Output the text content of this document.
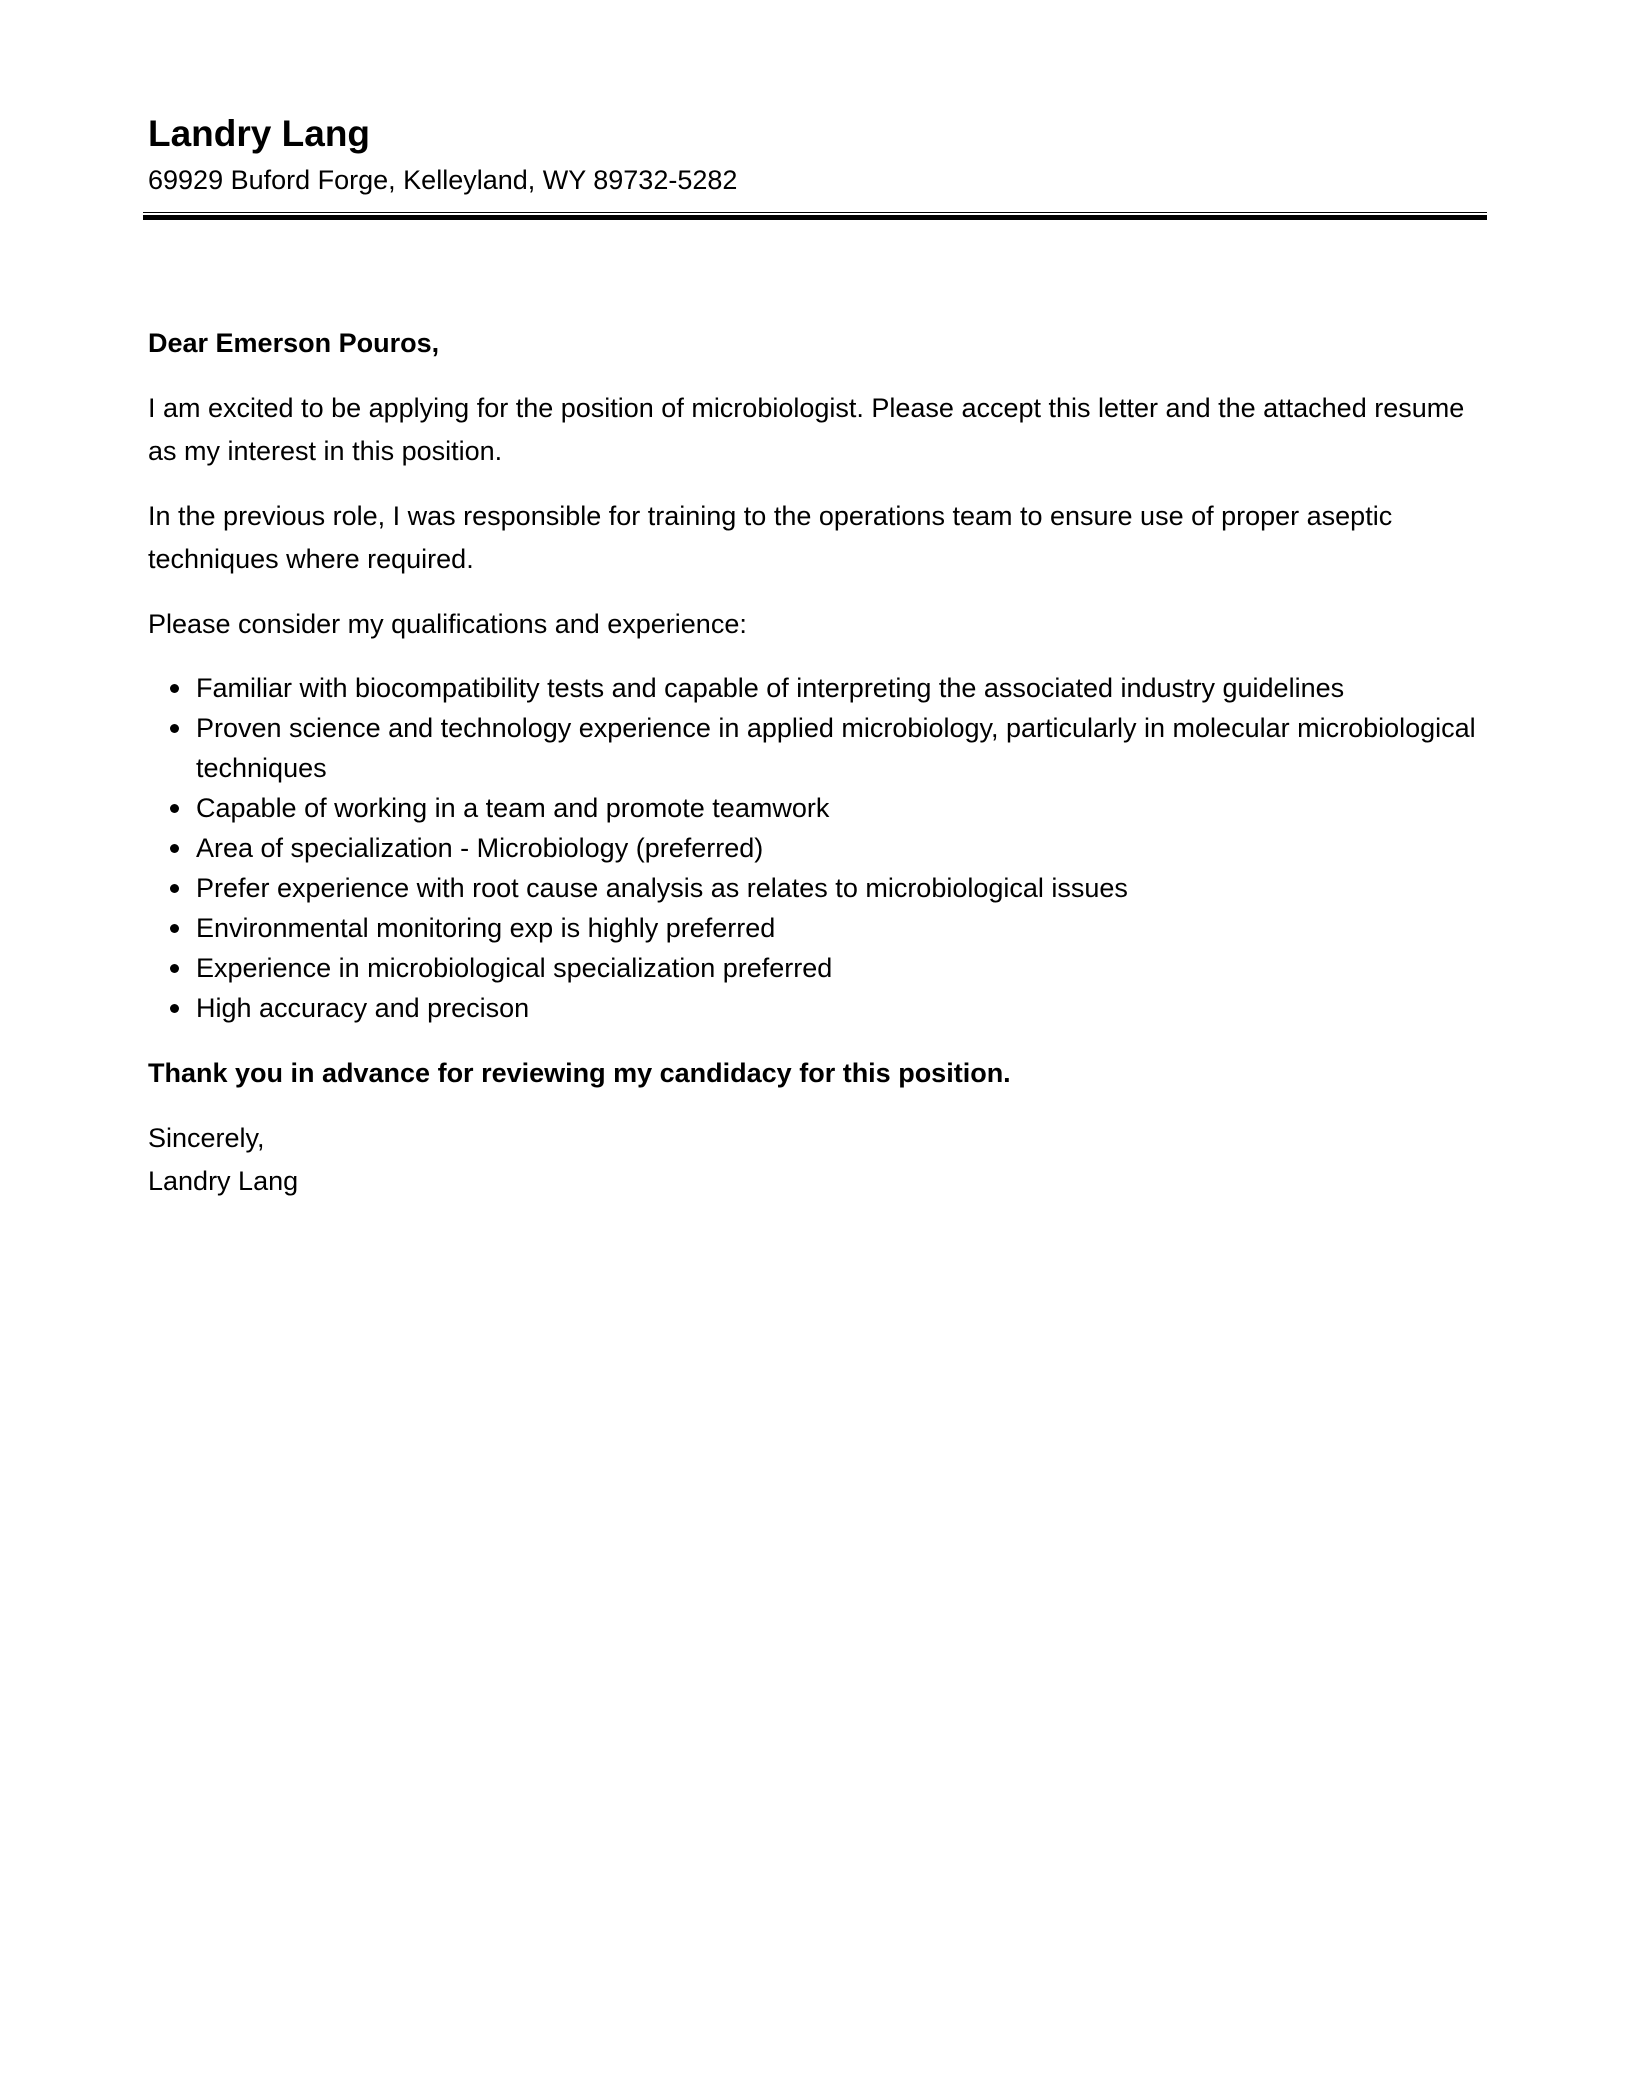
Landry Lang
69929 Buford Forge, Kelleyland, WY 89732-5282

Dear Emerson Pouros,

I am excited to be applying for the position of microbiologist. Please accept this letter and the attached resume as my interest in this position.

In the previous role, I was responsible for training to the operations team to ensure use of proper aseptic techniques where required.

Please consider my qualifications and experience:

Familiar with biocompatibility tests and capable of interpreting the associated industry guidelines
Proven science and technology experience in applied microbiology, particularly in molecular microbiological techniques
Capable of working in a team and promote teamwork
Area of specialization - Microbiology (preferred)
Prefer experience with root cause analysis as relates to microbiological issues
Environmental monitoring exp is highly preferred
Experience in microbiological specialization preferred
High accuracy and precison

Thank you in advance for reviewing my candidacy for this position.

Sincerely,

Landry Lang
